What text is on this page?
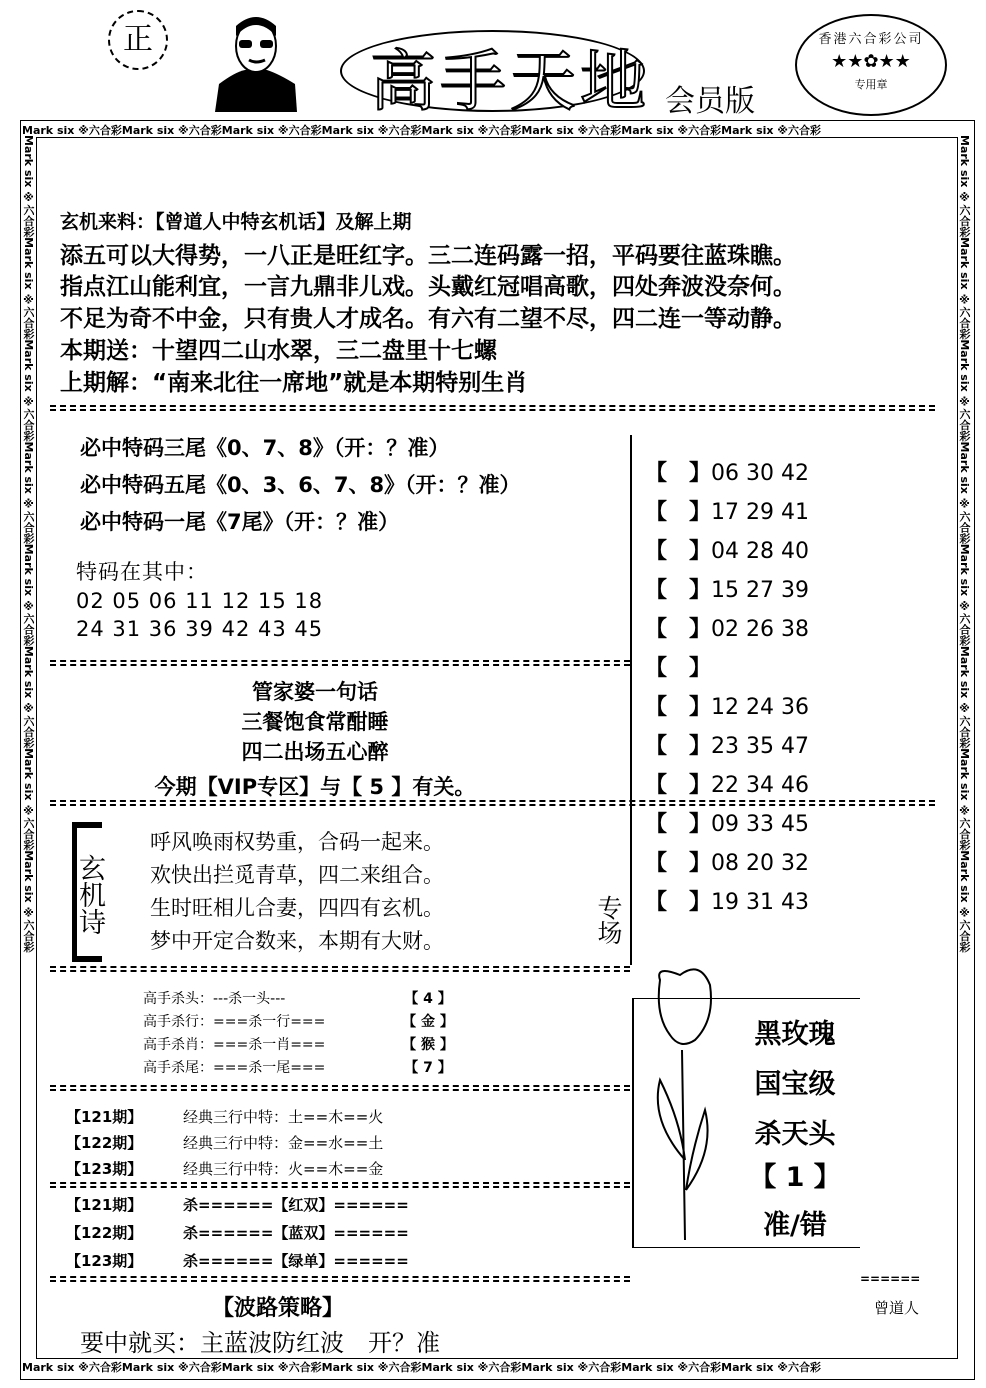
正
高手天地 会员版
香港六合彩公司
★★✿★★
专用章
Mark six ※六合彩Mark six ※六合彩Mark six ※六合彩Mark six ※六合彩Mark six ※六合彩Mark six ※六合彩Mark six ※六合彩Mark six ※六合彩
Mark six ※六合彩Mark six ※六合彩Mark six ※六合彩Mark six ※六合彩Mark six ※六合彩Mark six ※六合彩Mark six ※六合彩Mark six ※六合彩
Mark six ※六合彩Mark six ※六合彩Mark six ※六合彩Mark six ※六合彩Mark six ※六合彩Mark six ※六合彩Mark six ※六合彩Mark six ※六合彩	Mark six ※六合彩Mark six ※六合彩Mark six ※六合彩Mark six ※六合彩Mark six ※六合彩Mark six ※六合彩Mark six ※六合彩Mark six ※六合彩
玄机来料：【曾道人中特玄机话】及解上期
添五可以大得势，一八正是旺红字。三二连码露一招，平码要往蓝珠瞧。
指点江山能利宜，一言九鼎非儿戏。头戴红冠唱高歌，四处奔波没奈何。
不足为奇不中金，只有贵人才成名。有六有二望不尽，四二连一等动静。
本期送：十望四二山水翠，三二盘里十七螺
上期解：“南来北往一席地”就是本期特别生肖
必中特码三尾《0、7、8》（开：？准）
必中特码五尾《0、3、6、7、8》（开：？准）
必中特码一尾《7尾》（开：？准）
特码在其中：
02 05 06 11 12 15 18
24 31 36 39 42 43 45
【　】06 30 42
【　】17 29 41
【　】04 28 40
【　】15 27 39
【　】02 26 38
【　】
【　】12 24 36
【　】23 35 47
【　】22 34 46
【　】09 33 45
【　】08 20 32
【　】19 31 43
管家婆一句话
三餐饱食常酣睡
四二出场五心醉
今期【VIP专区】与【 5 】有关。
玄机诗
呼风唤雨权势重，合码一起来。
欢快出拦觅青草，四二来组合。
生时旺相儿合妻，四四有玄机。
梦中开定合数来，本期有大财。	专场
高手杀头：---杀一头---	【 4 】
高手杀行：===杀一行===	【 金 】
高手杀肖：===杀一肖===	【 猴 】
高手杀尾：===杀一尾===	【 7 】
黑玫瑰
国宝级
杀天头
【 1 】
准/错
【121期】	经典三行中特：土==木==火
【122期】	经典三行中特：金==水==土
【123期】	经典三行中特：火==木==金
【121期】	杀======【红双】======
【122期】	杀======【蓝双】======
【123期】	杀======【绿单】======
======
【波路策略】
要中就买：主蓝波防红波　开？准
曾道人
